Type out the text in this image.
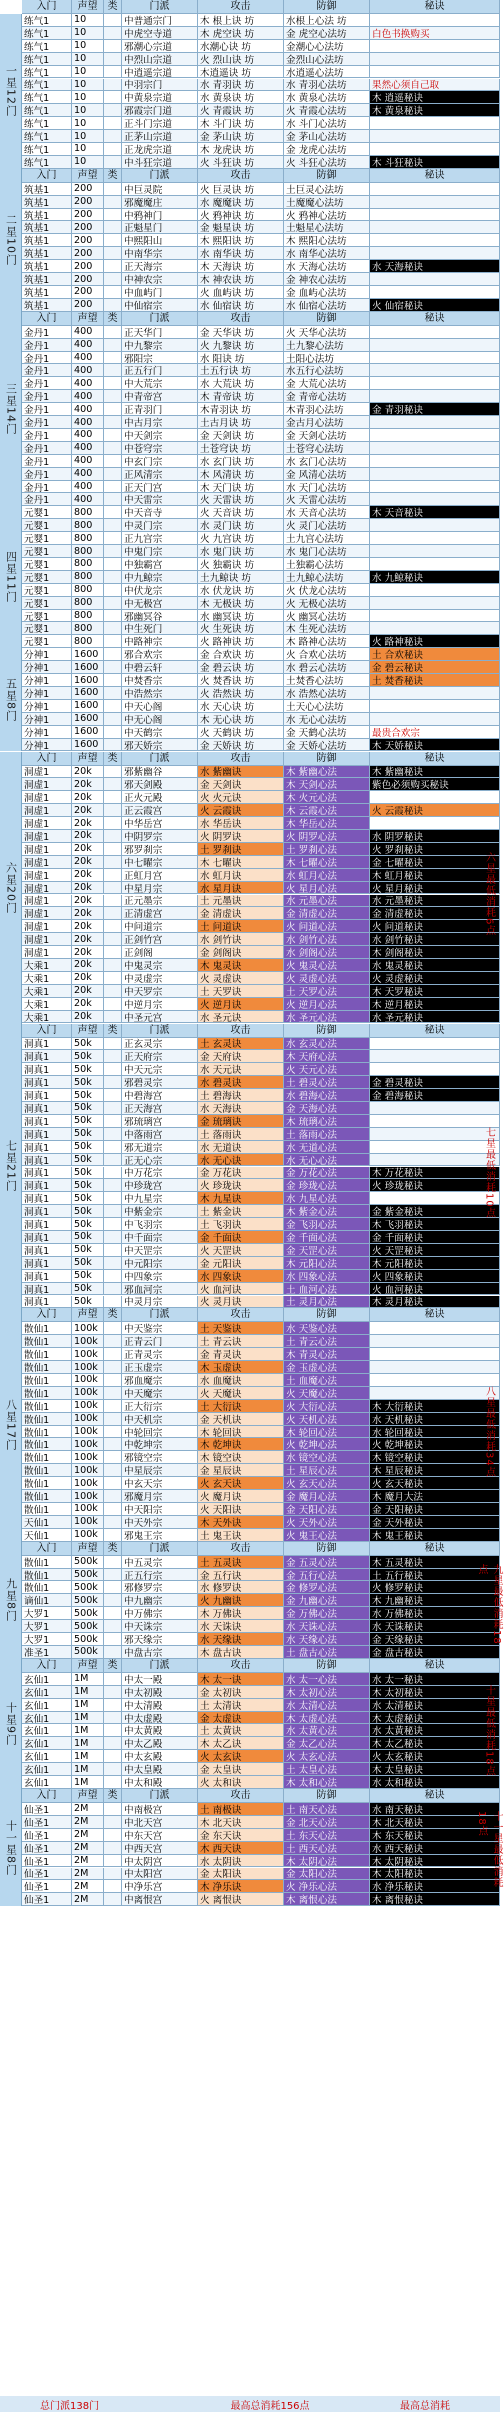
入门	声望	类	门派	攻击	防御	秘诀
一星12门
练气1	10	中普通宗门	木 根上诀 坊	水根上心法 坊
练气1	10	中虎空寺道	木 虎空诀 坊	金 虎空心法坊	白色书换购买
练气1	10	邪潮心宗道	水潮心诀 坊	金潮心心法坊
练气1	10	中烈山宗道	火 烈山诀 坊	金烈山心法坊
练气1	10	中逍遥宗道	木逍遥诀 坊	水逍遥心法坊
练气1	10	中羽宗门	水 青羽诀 坊	水 青羽心法坊	果然心须自己取
练气1	10	中黄泉宗道	水 黄泉诀 坊	水 黄泉心法坊	木 逍遥秘诀
练气1	10	邪霞宗门道	火 青霞诀 坊	火 青霞心法坊	木 黄泉秘诀
练气1	10	正斗门宗道	木 斗门诀 坊	水 斗门心法坊
练气1	10	正茅山宗道	金 茅山诀 坊	金 茅山心法坊
练气1	10	正龙虎宗道	木 龙虎诀 坊	金 龙虎心法坊
练气1	10	中斗狂宗道	火 斗狂诀 坊	火 斗狂心法坊	木 斗狂秘诀
二星10门
入门	声望	类	门派	攻击	防御	秘诀
筑基1	200	中巨灵院	火 巨灵诀 坊	土巨灵心法坊
筑基1	200	邪魔魔庄	水 魔魔诀 坊	土魔魔心法坊
筑基1	200	中鸦神门	火 鸦神诀 坊	火 鸦神心法坊
筑基1	200	正魁星门	金 魁星诀 坊	土魁星心法坊
筑基1	200	中熙阳山	木 熙阳诀 坊	木 熙阳心法坊
筑基1	200	中南华宗	水 南华诀 坊	水 南华心法坊
筑基1	200	正天海宗	木 天海诀 坊	水 天海心法坊	水 天海秘诀
筑基1	200	中神农宗	木 神农诀 坊	金 神农心法坊
筑基1	200	中血屿门	火 血屿诀 坊	金 血屿心法坊
筑基1	200	中仙宿宗	水 仙宿诀 坊	水 仙宿心法坊	火 仙宿秘诀
三星14门
入门	声望	类	门派	攻击	防御	秘诀
金丹1	400	正天华门	金 天华诀 坊	火 天华心法坊
金丹1	400	中九黎宗	火 九黎诀 坊	土九黎心法坊
金丹1	400	邪阳宗	水 阳诀 坊	土阳心法坊
金丹1	400	正五行门	土五行诀 坊	水五行心法坊
金丹1	400	中大荒宗	水 大荒诀 坊	金 大荒心法坊
金丹1	400	中青帝宫	木 青帝诀 坊	金 青帝心法坊
金丹1	400	正青羽门	木青羽诀 坊	木青羽心法坊	金 青羽秘诀
金丹1	400	中古月宗	土古月诀 坊	金古月心法坊
金丹1	400	中天剑宗	金 天剑诀 坊	金 天剑心法坊
金丹1	400	中苍穹宗	土苍穹诀 坊	土苍穹心法坊
金丹1	400	中玄门宗	水 玄门诀 坊	水 玄门心法坊
金丹1	400	正风清宗	木 风清诀 坊	金 风清心法坊
金丹1	400	正天门宫	木 天门诀 坊	水 天门心法坊
金丹1	400	中天雷宗	火 天雷诀 坊	火 天雷心法坊
四星11门
元婴1	800	中天音寺	火 天音诀 坊	水 天音心法坊	木 天音秘诀
元婴1	800	中灵门宗	水 灵门诀 坊	火 灵门心法坊
元婴1	800	正九宫宗	火 九宫诀 坊	土九宫心法坊
元婴1	800	中鬼门宗	水 鬼门诀 坊	水 鬼门心法坊
元婴1	800	中独霸宫	火 独霸诀 坊	土独霸心法坊
元婴1	800	中九鲸宗	土九鲸诀 坊	土九鲸心法坊	水 九鲸秘诀
元婴1	800	中伏龙宗	水 伏龙诀 坊	火 伏龙心法坊
元婴1	800	中无极宫	木 无极诀 坊	火 无极心法坊
元婴1	800	邪幽冥谷	水 幽冥诀 坊	火 幽冥心法坊
元婴1	800	中生死门	火 生死诀 坊	木 生死心法坊
元婴1	800	中路神宗	火 路神诀 坊	木 路神心法坊	火 路神秘诀
五星8门
分神1	1600	邪合欢宗	金 合欢诀 坊	火 合欢心法坊	土 合欢秘诀
分神1	1600	中碧云轩	金 碧云诀 坊	水 碧云心法坊	金 碧云秘诀
分神1	1600	中焚香宗	火 焚香诀 坊	土焚香心法坊	土 焚香秘诀
分神1	1600	中浩然宗	火 浩然诀 坊	水 浩然心法坊
分神1	1600	中天心阁	水 天心诀 坊	土天心心法坊
分神1	1600	中无心阁	木 无心诀 坊	水 无心心法坊
分神1	1600	中天鹤宗	火 天鹤诀 坊	金 天鹤心法坊	最贵合欢宗
分神1	1600	邪天娇宗	金 天娇诀 坊	金 天娇心法坊	木 天娇秘诀
六星20门
入门	声望	类	门派	攻击	防御	秘诀
洞虚1	20k	邪紫幽谷	水 紫幽诀	木 紫幽心法	木 紫幽秘诀
洞虚1	20k	邪天剑殿	金 天剑诀	木 天剑心法	紫色必须购买秘诀
洞虚1	20k	正火元殿	火 火元诀	木 火元心法
洞虚1	20k	正云霞宫	火 云霞诀	木 云霞心法	火 云霞秘诀
洞虚1	20k	中华岳宫	水 华岳诀	木 华岳心法
洞虚1	20k	中阴罗宗	火 阴罗诀	火 阴罗心法	水 阴罗秘诀
洞虚1	20k	邪罗刹宗	土 罗刹诀	土 罗刹心法	火 罗刹秘诀
洞虚1	20k	中七曜宗	木 七曜诀	木 七曜心法	金 七曜秘诀
洞虚1	20k	正虹月宫	水 虹月诀	水 虹月心法	木 虹月秘诀
洞虚1	20k	中星月宗	水 星月诀	火 星月心法	火 星月秘诀
洞虚1	20k	正元墨宗	土 元墨诀	水 元墨心法	水 元墨秘诀
洞虚1	20k	正清虚宫	金 清虚诀	金 清虚心法	金 清虚秘诀
洞虚1	20k	中问道宗	土 问道诀	火 问道心法	火 问道秘诀
洞虚1	20k	正剑竹宫	水 剑竹诀	水 剑竹心法	水 剑竹秘诀
洞虚1	20k	正剑阁	金 剑阁诀	水 剑阁心法	木 剑阁秘诀
大乘1	20k	中鬼灵宗	木 鬼灵诀	火 鬼灵心法	水 鬼灵秘诀
大乘1	20k	中灵虚宗	火 灵虚诀	火 灵虚心法	火 灵虚秘诀
大乘1	20k	中天罗宗	土 天罗诀	土 天罗心法	木 天罗秘诀
大乘1	20k	中逆月宗	火 逆月诀	火 逆月心法	木 逆月秘诀
大乘1	20k	中圣元宫	水 圣元诀	水 圣元心法	水 圣元秘诀
六星最低消耗6点
七星21门
入门	声望	类	门派	攻击	防御	秘诀
洞真1	50k	正玄灵宗	土 玄灵诀	水 玄灵心法
洞真1	50k	正天府宗	金 天府诀	木 天府心法
洞真1	50k	中天元宗	水 天元诀	火 天元心法
洞真1	50k	邪碧灵宗	水 碧灵诀	土 碧灵心法	金 碧灵秘诀
洞真1	50k	中碧海宫	土 碧海诀	水 碧海心法	金 碧海秘诀
洞真1	50k	正天海宫	水 天海诀	金 天海心法
洞真1	50k	邪琉璃宫	金 琉璃诀	木 琉璃心法
洞真1	50k	中落雨宫	土 落雨诀	土 落雨心法
洞真1	50k	邪无道宗	水 无道诀	水 无道心法
洞真1	50k	正无心宗	水 无心诀	水 无心心法
洞真1	50k	中万花宗	金 万花诀	金 万花心法	木 万花秘诀
洞真1	50k	中珍珑宫	火 珍珑诀	金 珍珑心法	火 珍珑秘诀
洞真1	50k	中九星宗	木 九星诀	水 九星心法
洞真1	50k	中紫金宗	土 紫金诀	木 紫金心法	金 紫金秘诀
洞真1	50k	中飞羽宗	土 飞羽诀	金 飞羽心法	木 飞羽秘诀
洞真1	50k	中千面宗	金 千面诀	金 千面心法	金 千面秘诀
洞真1	50k	中天罡宗	火 天罡诀	金 天罡心法	火 天罡秘诀
洞真1	50k	中元阳宗	金 元阳诀	木 元阳心法	木 元阳秘诀
洞真1	50k	中四象宗	水 四象诀	水 四象心法	火 四象秘诀
洞真1	50k	邪血河宗	火 血河诀	土 血河心法	火 血河秘诀
洞真1	50k	中灵月宗	火 灵月诀	土 灵月心法	木 灵月秘诀
七星最低消耗10点
八星17门
入门	声望	类	门派	攻击	防御	秘诀
散仙1	100k	中天鉴宗	土 天鉴诀	水 天鉴心法
散仙1	100k	正青云门	土 青云诀	土 青云心法
散仙1	100k	正青灵宗	金 青灵诀	木 青灵心法
散仙1	100k	正玉虚宗	木 玉虚诀	金 玉虚心法
散仙1	100k	邪血魔宗	水 血魔诀	土 血魔心法
散仙1	100k	中天魔宗	火 天魔诀	火 天魔心法
散仙1	100k	正大衍宗	土 大衍诀	火 大衍心法	木 大衍秘诀
散仙1	100k	中天机宗	金 天机诀	火 天机心法	水 天机秘诀
散仙1	100k	中轮回宗	木 轮回诀	木 轮回心法	水 轮回秘诀
散仙1	100k	中乾坤宗	木 乾坤诀	火 乾坤心法	火 乾坤秘诀
散仙1	100k	邪镜空宗	木 镜空诀	水 镜空心法	木 镜空秘诀
散仙1	100k	中星辰宗	金 星辰诀	土 星辰心法	木 星辰秘诀
散仙1	100k	中玄天宗	火 玄天诀	火 玄天心法	火 玄天秘诀
散仙1	100k	邪魔月宗	火 魔月诀	金 魔月心法	木 魔月大法
散仙1	100k	中天阳宗	火 天阳诀	金 天阳心法	金 天阳秘诀
天仙1	100k	中天外宗	木 天外诀	火 天外心法	金 天外秘诀
天仙1	100k	邪鬼王宗	土 鬼王诀	火 鬼王心法	木 鬼王秘诀
八星最低消耗34点
九星8门
入门	声望	类	门派	攻击	防御	秘诀
散仙1	500k	中五灵宗	土 五灵诀	金 五灵心法	木 五灵秘诀
散仙1	500k	正五行宗	金 五行诀	金 五行心法	土 五行秘诀
散仙1	500k	邪修罗宗	水 修罗诀	金 修罗心法	火 修罗秘诀
谪仙1	500k	中九幽宗	火 九幽诀	金 九幽心法	木 九幽秘诀
大罗1	500k	中万佛宗	木 万佛诀	金 万佛心法	水 万佛秘诀
大罗1	500k	中天诛宗	水 天诛诀	水 天诛心法	水 天诛秘诀
大罗1	500k	邪天缘宗	水 天缘诀	水 天缘心法	金 天缘秘诀
准圣1	500k	中盘古宗	木 盘古诀	土 盘古心法	金 盘古秘诀
九星最低消耗18点
十星9门
入门	声望	类	门派	攻击	防御	秘诀
玄仙1	1M	中太一殿	木 太一诀	水 太一心法	水 太一秘诀
玄仙1	1M	中太初殿	金 太初诀	木 太初心法	木 太初秘诀
玄仙1	1M	中太清殿	土 太清诀	水 太清心法	水 太清秘诀
玄仙1	1M	中太虚殿	金 太虚诀	木 太虚心法	木 太虚秘诀
玄仙1	1M	中太黄殿	土 太黄诀	水 太黄心法	水 太黄秘诀
玄仙1	1M	中太乙殿	木 太乙诀	金 太乙心法	木 太乙秘诀
玄仙1	1M	中太玄殿	火 太玄诀	火 太玄心法	火 太玄秘诀
玄仙1	1M	中太皇殿	金 太皇诀	土 太皇心法	木 太皇秘诀
玄仙1	1M	中太和殿	火 太和诀	木 太和心法	水 太和秘诀
十星最低消耗18点
十一星8门
入门	声望	类	门派	攻击	防御	秘诀
仙圣1	2M	中南极宫	土 南极诀	土 南天心法	水 南天秘诀
仙圣1	2M	中北天宫	木 北天诀	金 北天心法	木 北天秘诀
仙圣1	2M	中东天宫	金 东天诀	土 东天心法	木 东天秘诀
仙圣1	2M	中西天宫	木 西天诀	土 西天心法	水 西天秘诀
仙圣1	2M	中太阴宫	水 太阴诀	木 太阴心法	木 太阴秘诀
仙圣1	2M	中太阳宫	金 太阳诀	金 太阳心法	木 太阳秘诀
仙圣1	2M	中净乐宫	木 净乐诀	火 净乐心法	水 净乐秘诀
仙圣1	2M	中离恨宫	火 离恨诀	木 离恨心法	木 离恨秘诀
十一星最低消耗18点
总门派138门	最高总消耗156点	最高总消耗
